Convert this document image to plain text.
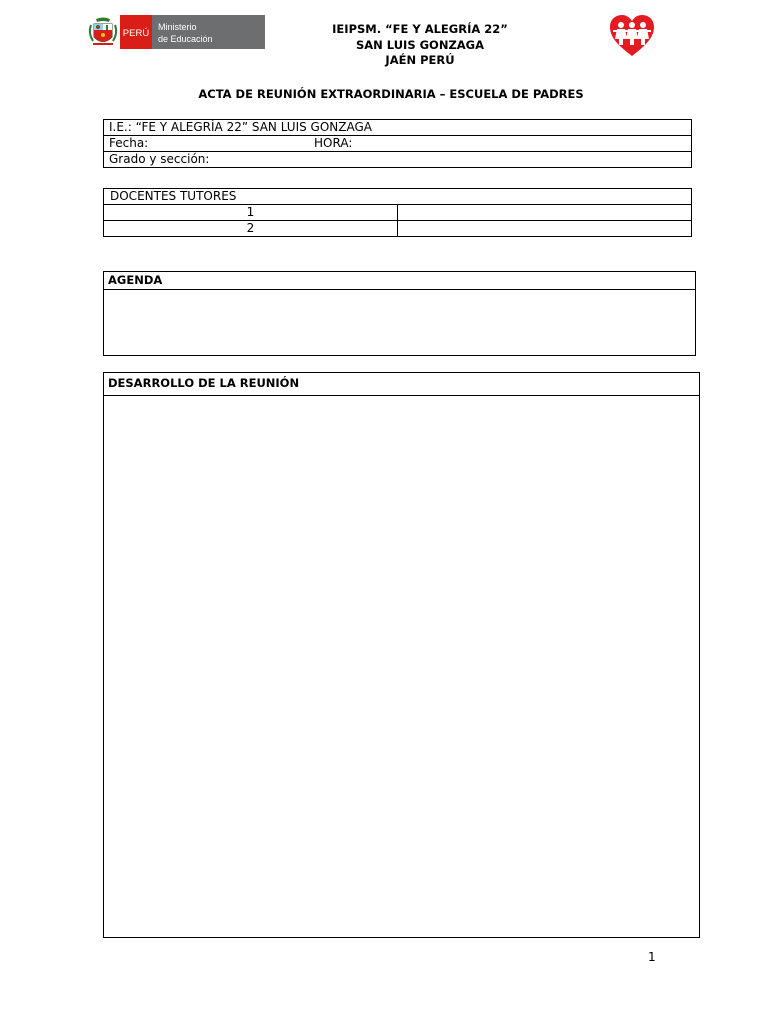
PERÚ
Ministerio
de Educación
IEIPSM. “FE Y ALEGRÍA 22”
SAN LUIS GONZAGA
JAÉN PERÚ
ACTA DE REUNIÓN EXTRAORDINARIA – ESCUELA DE PADRES
I.E.: “FE Y ALEGRÍA 22” SAN LUIS GONZAGA
Fecha:	HORA:

Grado y sección:
DOCENTES TUTORES	
1	
2	
AGENDA
DESARROLLO DE LA REUNIÓN
1
